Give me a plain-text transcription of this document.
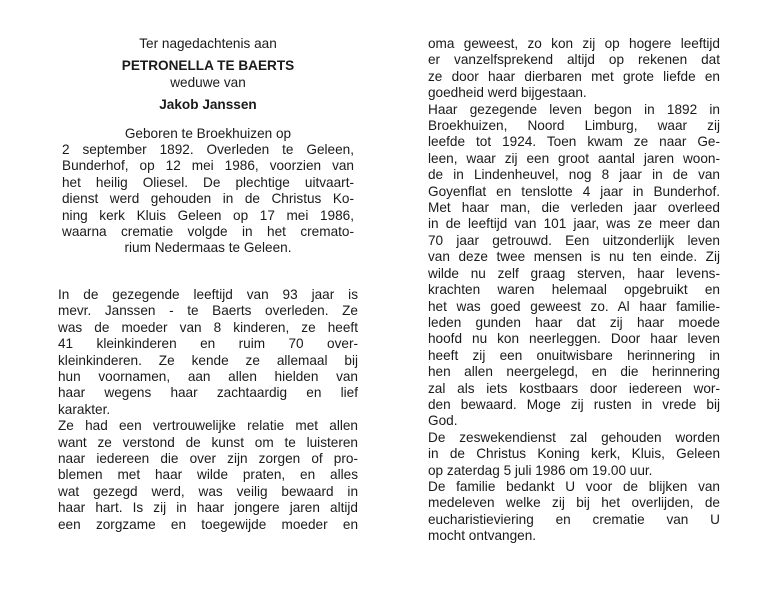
Ter nagedachtenis aan
PETRONELLA TE BAERTS
weduwe van
Jakob Janssen
Geboren te Broekhuizen op
2 september 1892. Overleden te Geleen,
Bunderhof, op 12 mei 1986, voorzien van
het heilig Oliesel. De plechtige uitvaart-
dienst werd gehouden in de Christus Ko-
ning kerk Kluis Geleen op 17 mei 1986,
waarna crematie volgde in het cremato-
rium Nedermaas te Geleen.
In de gezegende leeftijd van 93 jaar is
mevr. Janssen - te Baerts overleden. Ze
was de moeder van 8 kinderen, ze heeft
41 kleinkinderen en ruim 70 over-
kleinkinderen. Ze kende ze allemaal bij
hun voornamen, aan allen hielden van
haar wegens haar zachtaardig en lief
karakter.
Ze had een vertrouwelijke relatie met allen
want ze verstond de kunst om te luisteren
naar iedereen die over zijn zorgen of pro-
blemen met haar wilde praten, en alles
wat gezegd werd, was veilig bewaard in
haar hart. Is zij in haar jongere jaren altijd
een zorgzame en toegewijde moeder en
oma geweest, zo kon zij op hogere leeftijd
er vanzelfsprekend altijd op rekenen dat
ze door haar dierbaren met grote liefde en
goedheid werd bijgestaan.
Haar gezegende leven begon in 1892 in
Broekhuizen, Noord Limburg, waar zij
leefde tot 1924. Toen kwam ze naar Ge-
leen, waar zij een groot aantal jaren woon-
de in Lindenheuvel, nog 8 jaar in de van
Goyenflat en tenslotte 4 jaar in Bunderhof.
Met haar man, die verleden jaar overleed
in de leeftijd van 101 jaar, was ze meer dan
70 jaar getrouwd. Een uitzonderlijk leven
van deze twee mensen is nu ten einde. Zij
wilde nu zelf graag sterven, haar levens-
krachten waren helemaal opgebruikt en
het was goed geweest zo. Al haar familie-
leden gunden haar dat zij haar moede
hoofd nu kon neerleggen. Door haar leven
heeft zij een onuitwisbare herinnering in
hen allen neergelegd, en die herinnering
zal als iets kostbaars door iedereen wor-
den bewaard. Moge zij rusten in vrede bij
God.
De zeswekendienst zal gehouden worden
in de Christus Koning kerk, Kluis, Geleen
op zaterdag 5 juli 1986 om 19.00 uur.
De familie bedankt U voor de blijken van
medeleven welke zij bij het overlijden, de
eucharistieviering en crematie van U
mocht ontvangen.
